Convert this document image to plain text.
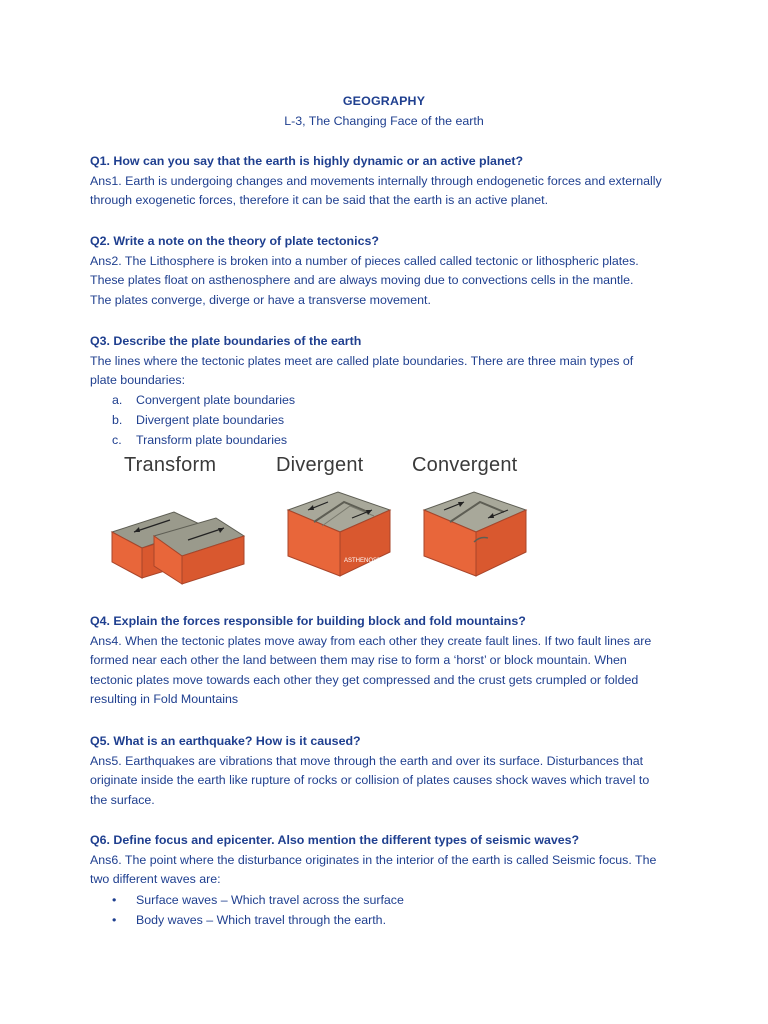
GEOGRAPHY
L-3, The Changing Face of the earth
Q1. How can you say that the earth is highly dynamic or an active planet?
Ans1. Earth is undergoing changes and movements internally through endogenetic forces and externally
through exogenetic forces, therefore it can be said that the earth is an active planet.
Q2. Write a note on the theory of plate tectonics?
Ans2. The Lithosphere is broken into a number of pieces called called tectonic or lithospheric plates.
These plates float on asthenosphere and are always moving due to convections cells in the mantle.
The plates converge, diverge or have a transverse movement.
Q3. Describe the plate boundaries of the earth
The lines where the tectonic plates meet are called plate boundaries. There are three main types of
plate boundaries:
a. Convergent plate boundaries
b. Divergent plate boundaries
c. Transform plate boundaries
Transform	Divergent Convergent
PLATE
PLATE
ASTHENOSPHERE
Q4. Explain the forces responsible for building block and fold mountains?
Ans4. When the tectonic plates move away from each other they create fault lines. If two fault lines are
formed near each other the land between them may rise to form a ‘horst’ or block mountain. When
tectonic plates move towards each other they get compressed and the crust gets crumpled or folded
resulting in Fold Mountains
Q5. What is an earthquake? How is it caused?
Ans5. Earthquakes are vibrations that move through the earth and over its surface. Disturbances that
originate inside the earth like rupture of rocks or collision of plates causes shock waves which travel to
the surface.
Q6. Define focus and epicenter. Also mention the different types of seismic waves?
Ans6. The point where the disturbance originates in the interior of the earth is called Seismic focus. The
two different waves are:
• Surface waves – Which travel across the surface
• Body waves – Which travel through the earth.
